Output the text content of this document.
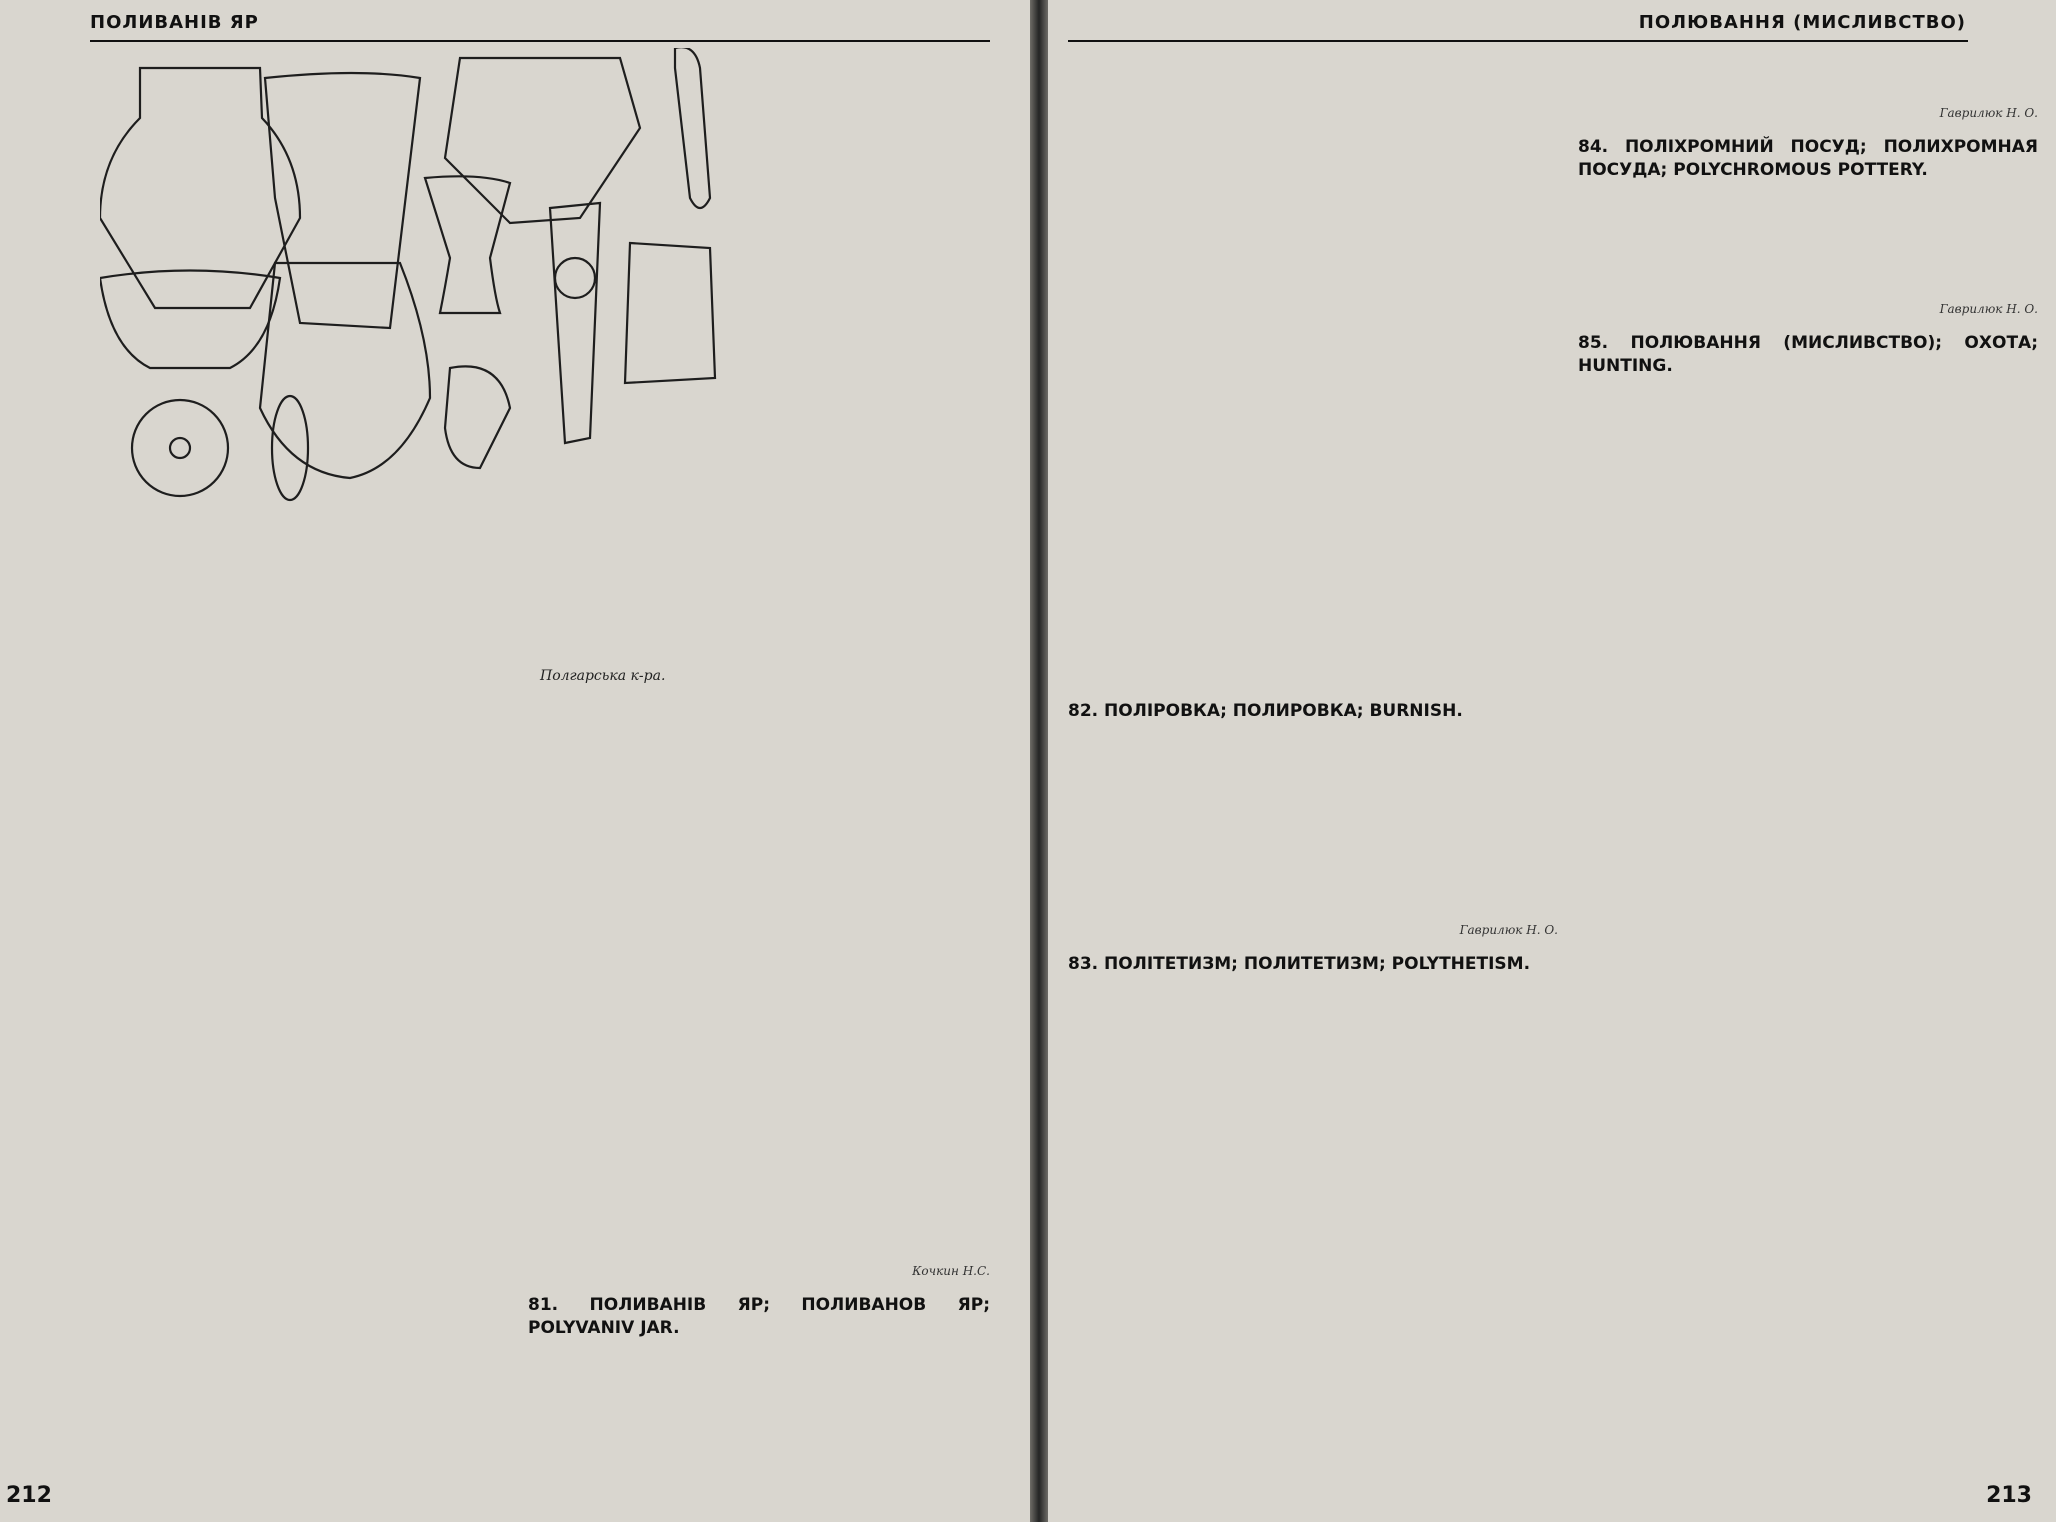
ПОЛИВАНІВ ЯР
Полгарська к-ра.
Кочкин Н.С.
81. ПОЛИВАНІВ ЯР; ПОЛИВАНОВ ЯР; POLYVANIV JAR.
212
ПОЛЮВАННЯ (МИСЛИВСТВО)
82. ПОЛІРОВКА; ПОЛИРОВКА; BURNISH.
Гаврилюк Н. О.
83. ПОЛІТЕТИЗМ; ПОЛИТЕТИЗМ; POLYTHETISM.
Гаврилюк Н. О.
84. ПОЛІХРОМНИЙ ПОСУД; ПОЛИХРОМНАЯ ПОСУДА; POLYCHROMOUS POTTERY.
Гаврилюк Н. О.
85. ПОЛЮВАННЯ (МИСЛИВСТВО); ОХОТА; HUNTING.
213
